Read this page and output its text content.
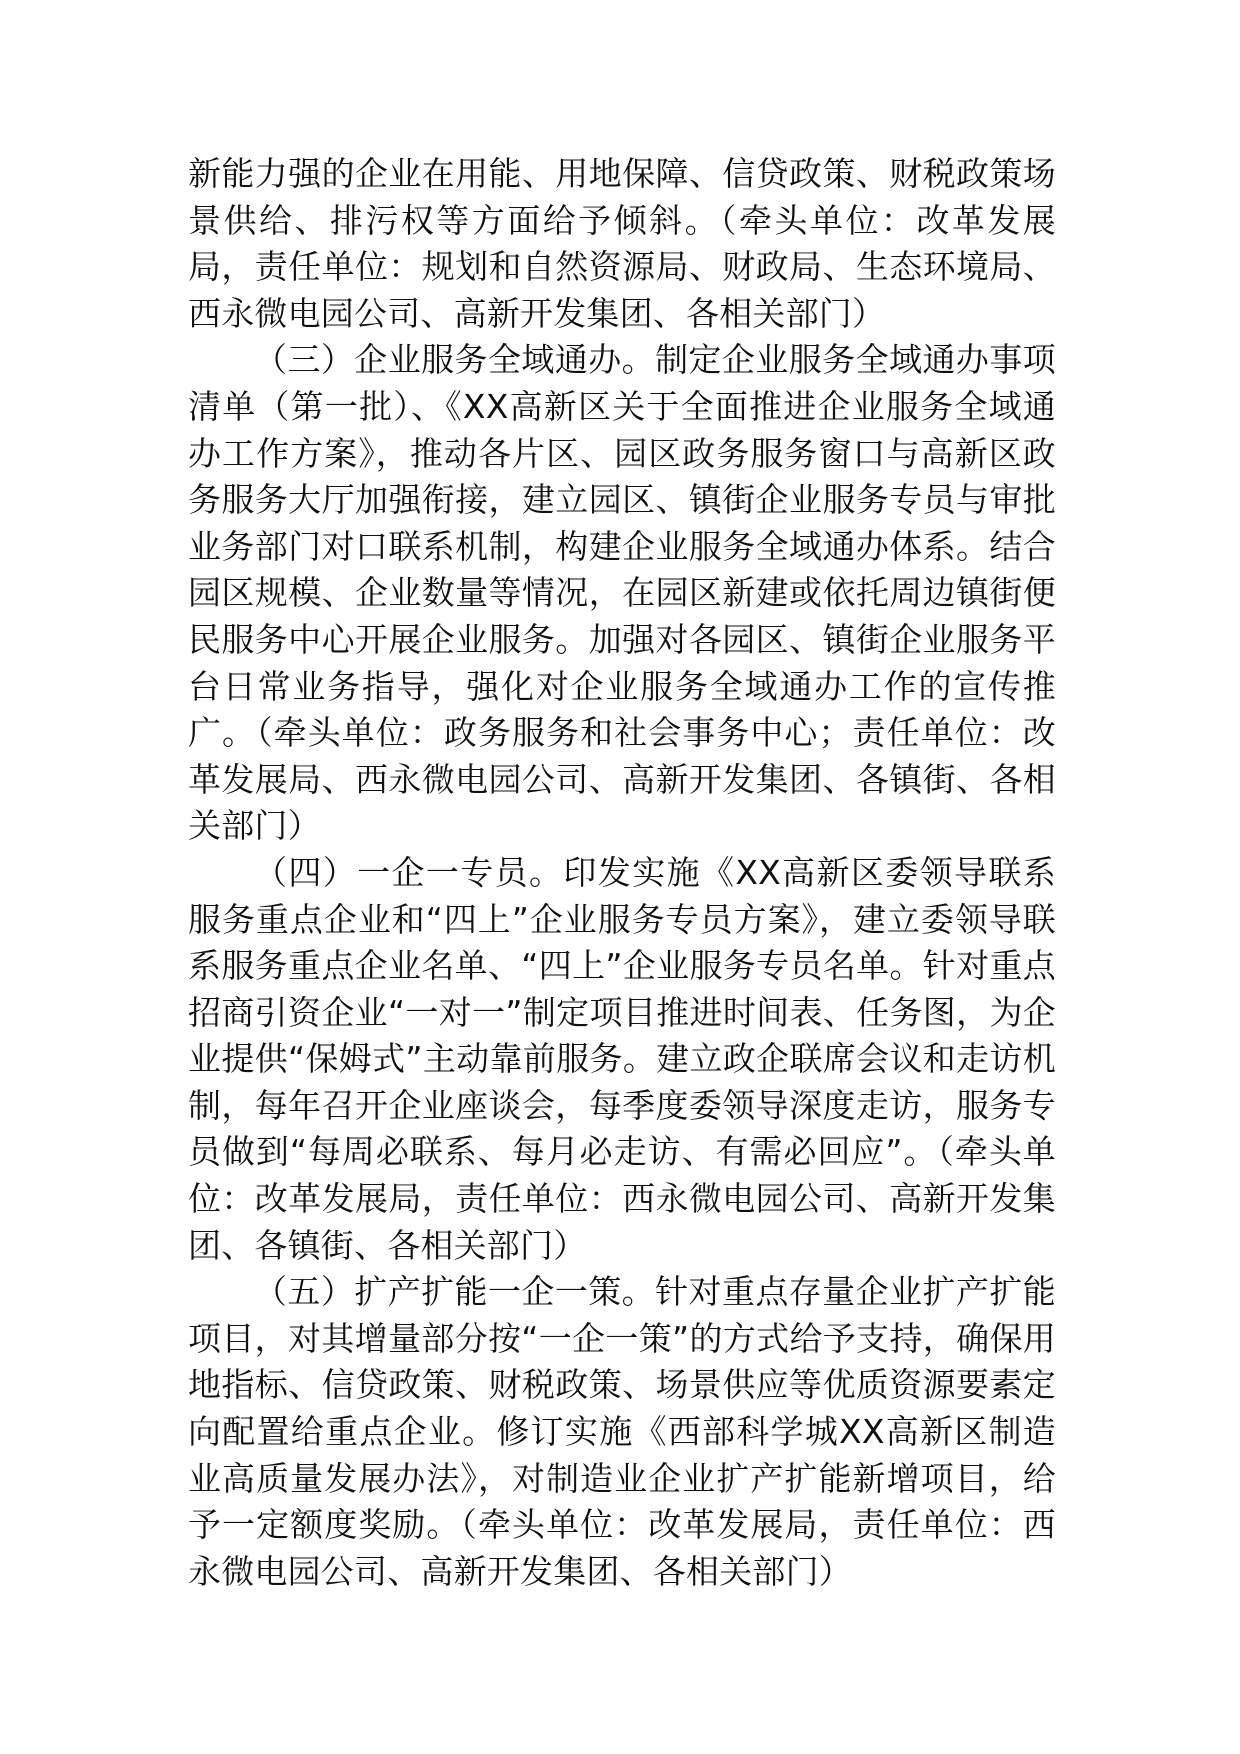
新能力强的企业在用能、用地保障、信贷政策、财税政策场景供给、排污权等方面给予倾斜。（牵头单位：改革发展局，责任单位：规划和自然资源局、财政局、生态环境局、西永微电园公司、高新开发集团、各相关部门）

（三）企业服务全域通办。制定企业服务全域通办事项清单（第一批）、《XX高新区关于全面推进企业服务全域通办工作方案》，推动各片区、园区政务服务窗口与高新区政务服务大厅加强衔接，建立园区、镇街企业服务专员与审批业务部门对口联系机制，构建企业服务全域通办体系。结合园区规模、企业数量等情况，在园区新建或依托周边镇街便民服务中心开展企业服务。加强对各园区、镇街企业服务平台日常业务指导，强化对企业服务全域通办工作的宣传推广。（牵头单位：政务服务和社会事务中心；责任单位：改革发展局、西永微电园公司、高新开发集团、各镇街、各相关部门）

（四）一企一专员。印发实施《XX高新区委领导联系服务重点企业和“四上”企业服务专员方案》，建立委领导联系服务重点企业名单、“四上”企业服务专员名单。针对重点招商引资企业“一对一”制定项目推进时间表、任务图，为企业提供“保姆式”主动靠前服务。建立政企联席会议和走访机制，每年召开企业座谈会，每季度委领导深度走访，服务专员做到“每周必联系、每月必走访、有需必回应”。（牵头单位：改革发展局，责任单位：西永微电园公司、高新开发集团、各镇街、各相关部门）

（五）扩产扩能一企一策。针对重点存量企业扩产扩能项目，对其增量部分按“一企一策”的方式给予支持，确保用地指标、信贷政策、财税政策、场景供应等优质资源要素定向配置给重点企业。修订实施《西部科学城XX高新区制造业高质量发展办法》，对制造业企业扩产扩能新增项目，给予一定额度奖励。（牵头单位：改革发展局，责任单位：西永微电园公司、高新开发集团、各相关部门）
